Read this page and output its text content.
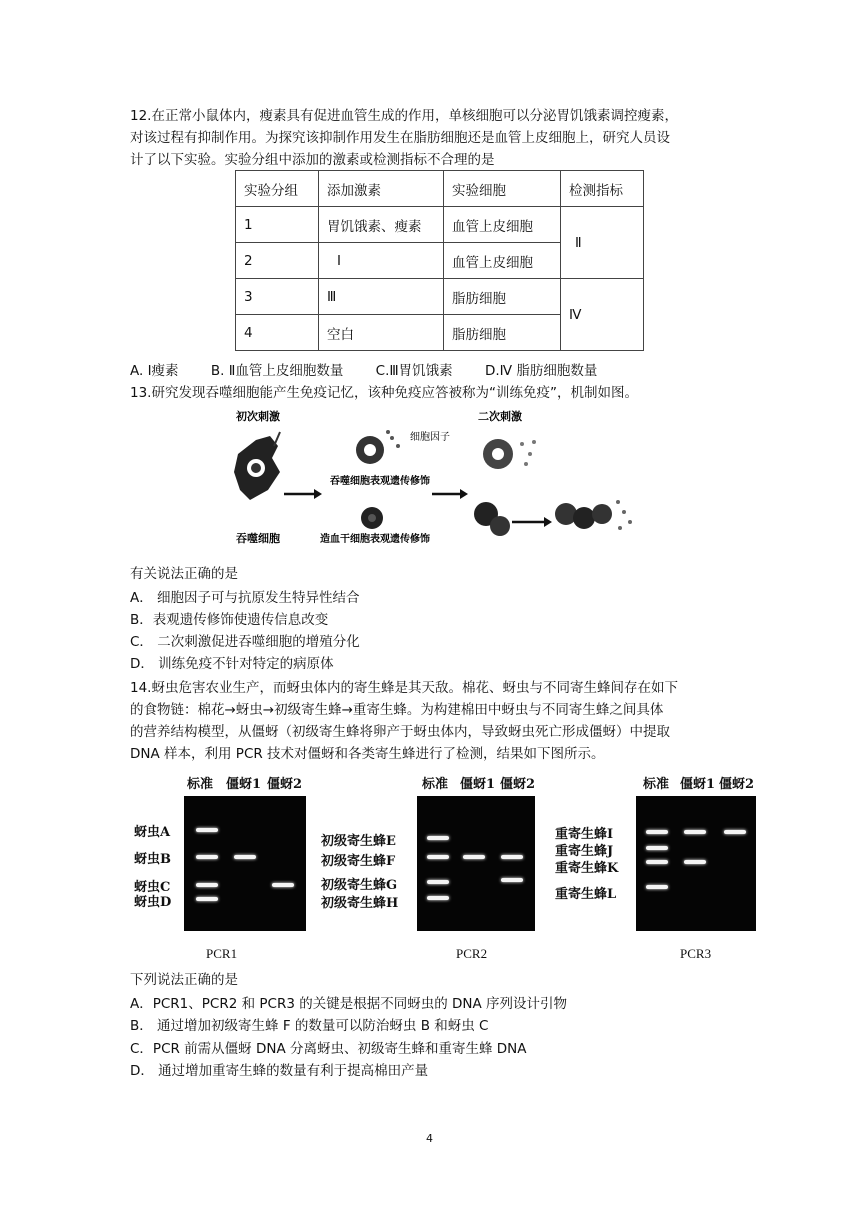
12.在正常小鼠体内，瘦素具有促进血管生成的作用，单核细胞可以分泌胃饥饿素调控瘦素，
对该过程有抑制作用。为探究该抑制作用发生在脂肪细胞还是血管上皮细胞上，研究人员设
计了以下实验。实验分组中添加的激素或检测指标不合理的是
实验分组	添加激素	实验细胞	检测指标
1	胃饥饿素、瘦素	血管上皮细胞	Ⅱ
2	Ⅰ	血管上皮细胞	
3	Ⅲ	脂肪细胞	Ⅳ
4	空白	脂肪细胞	
A. Ⅰ瘦素 B. Ⅱ血管上皮细胞数量 C.Ⅲ胃饥饿素 D.Ⅳ 脂肪细胞数量
13.研究发现吞噬细胞能产生免疫记忆，该种免疫应答被称为“训练免疫”，机制如图。
初次刺激	二次刺激
细胞因子
吞噬细胞
吞噬细胞表观遗传修饰
造血干细胞表观遗传修饰
有关说法正确的是
A． 细胞因子可与抗原发生特异性结合
B．表观遗传修饰使遗传信息改变
C． 二次刺激促进吞噬细胞的增殖分化
D． 训练免疫不针对特定的病原体
14.蚜虫危害农业生产，而蚜虫体内的寄生蜂是其天敌。棉花、蚜虫与不同寄生蜂间存在如下
的食物链：棉花→蚜虫→初级寄生蜂→重寄生蜂。为构建棉田中蚜虫与不同寄生蜂之间具体
的营养结构模型，从僵蚜（初级寄生蜂将卵产于蚜虫体内，导致蚜虫死亡形成僵蚜）中提取
DNA 样本，利用 PCR 技术对僵蚜和各类寄生蜂进行了检测，结果如下图所示。
标准 僵蚜1 僵蚜2
蚜虫A
蚜虫B
蚜虫C
蚜虫D
标准 僵蚜1 僵蚜2
初级寄生蜂E
初级寄生蜂F
初级寄生蜂G
初级寄生蜂H
标准 僵蚜1 僵蚜2
重寄生蜂I
重寄生蜂J
重寄生蜂K
重寄生蜂L
PCR1	PCR2	PCR3
下列说法正确的是
A．PCR1、PCR2 和 PCR3 的关键是根据不同蚜虫的 DNA 序列设计引物
B． 通过增加初级寄生蜂 F 的数量可以防治蚜虫 B 和蚜虫 C
C．PCR 前需从僵蚜 DNA 分离蚜虫、初级寄生蜂和重寄生蜂 DNA
D． 通过增加重寄生蜂的数量有利于提高棉田产量
4
